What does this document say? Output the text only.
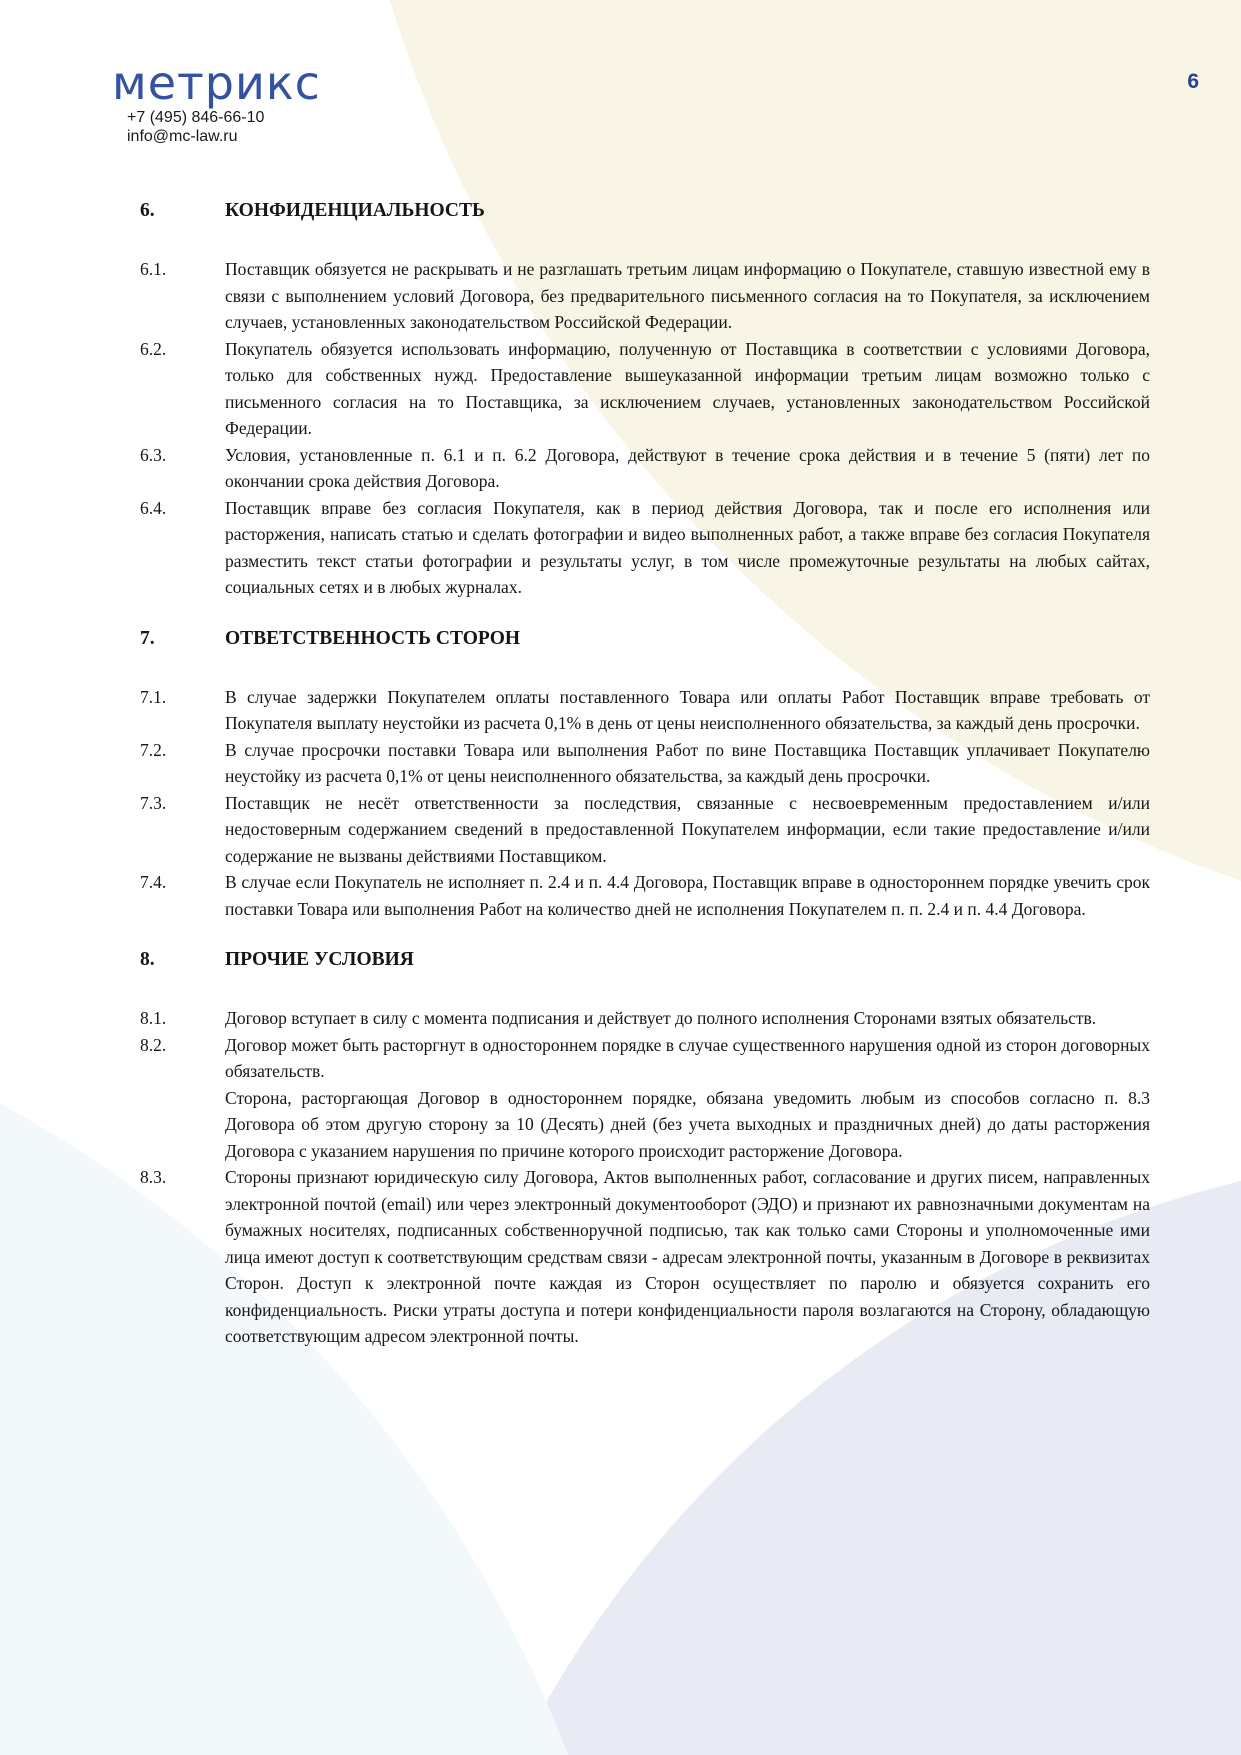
метрикс
+7 (495) 846-66-10
info@mc-law.ru
6
6.	КОНФИДЕНЦИАЛЬНОСТЬ
6.1.	Поставщик обязуется не раскрывать и не разглашать третьим лицам информацию о Покупателе, ставшую известной ему в связи с выполнением условий Договора, без предварительного письменного согласия на то Покупателя, за исключением случаев, установленных законодательством Российской Федерации.

6.2.	Покупатель обязуется использовать информацию, полученную от Поставщика в соответствии с условиями Договора, только для собственных нужд. Предоставление вышеуказанной информации третьим лицам возможно только с письменного согласия на то Поставщика, за исключением случаев, установленных законодательством Российской Федерации.

6.3.	Условия, установленные п. 6.1 и п. 6.2 Договора, действуют в течение срока действия и в течение 5 (пяти) лет по окончании срока действия Договора.

6.4.	Поставщик вправе без согласия Покупателя, как в период действия Договора, так и после его исполнения или расторжения, написать статью и сделать фотографии и видео выполненных работ, а также вправе без согласия Покупателя разместить текст статьи фотографии и результаты услуг, в том числе промежуточные результаты на любых сайтах, социальных сетях и в любых журналах.

7.	ОТВЕТСТВЕННОСТЬ СТОРОН
7.1.	В случае задержки Покупателем оплаты поставленного Товара или оплаты Работ Поставщик вправе требовать от Покупателя выплату неустойки из расчета 0,1% в день от цены неисполненного обязательства, за каждый день просрочки.

7.2.	В случае просрочки поставки Товара или выполнения Работ по вине Поставщика Поставщик уплачивает Покупателю неустойку из расчета 0,1% от цены неисполненного обязательства, за каждый день просрочки.

7.3.	Поставщик не несёт ответственности за последствия, связанные с несвоевременным предоставлением и/или недостоверным содержанием сведений в предоставленной Покупателем информации, если такие предоставление и/или содержание не вызваны действиями Поставщиком.

7.4.	В случае если Покупатель не исполняет п. 2.4 и п. 4.4 Договора, Поставщик вправе в одностороннем порядке увечить срок поставки Товара или выполнения Работ на количество дней не исполнения Покупателем п. п. 2.4 и п. 4.4 Договора.

8.	ПРОЧИЕ УСЛОВИЯ
8.1.	Договор вступает в силу с момента подписания и действует до полного исполнения Сторонами взятых обязательств.

8.2.	Договор может быть расторгнут в одностороннем порядке в случае существенного нарушения одной из сторон договорных обязательств.

Сторона, расторгающая Договор в одностороннем порядке, обязана уведомить любым из способов согласно п. 8.3 Договора об этом другую сторону за 10 (Десять) дней (без учета выходных и праздничных дней) до даты расторжения Договора с указанием нарушения по причине которого происходит расторжение Договора.

8.3.	Стороны признают юридическую силу Договора, Актов выполненных работ, согласование и других писем, направленных электронной почтой (email) или через электронный документооборот (ЭДО) и признают их равнозначными документам на бумажных носителях, подписанных собственноручной подписью, так как только сами Стороны и уполномоченные ими лица имеют доступ к соответствующим средствам связи - адресам электронной почты, указанным в Договоре в реквизитах Сторон. Доступ к электронной почте каждая из Сторон осуществляет по паролю и обязуется сохранить его конфиденциальность. Риски утраты доступа и потери конфиденциальности пароля возлагаются на Сторону, обладающую соответствующим адресом электронной почты.
